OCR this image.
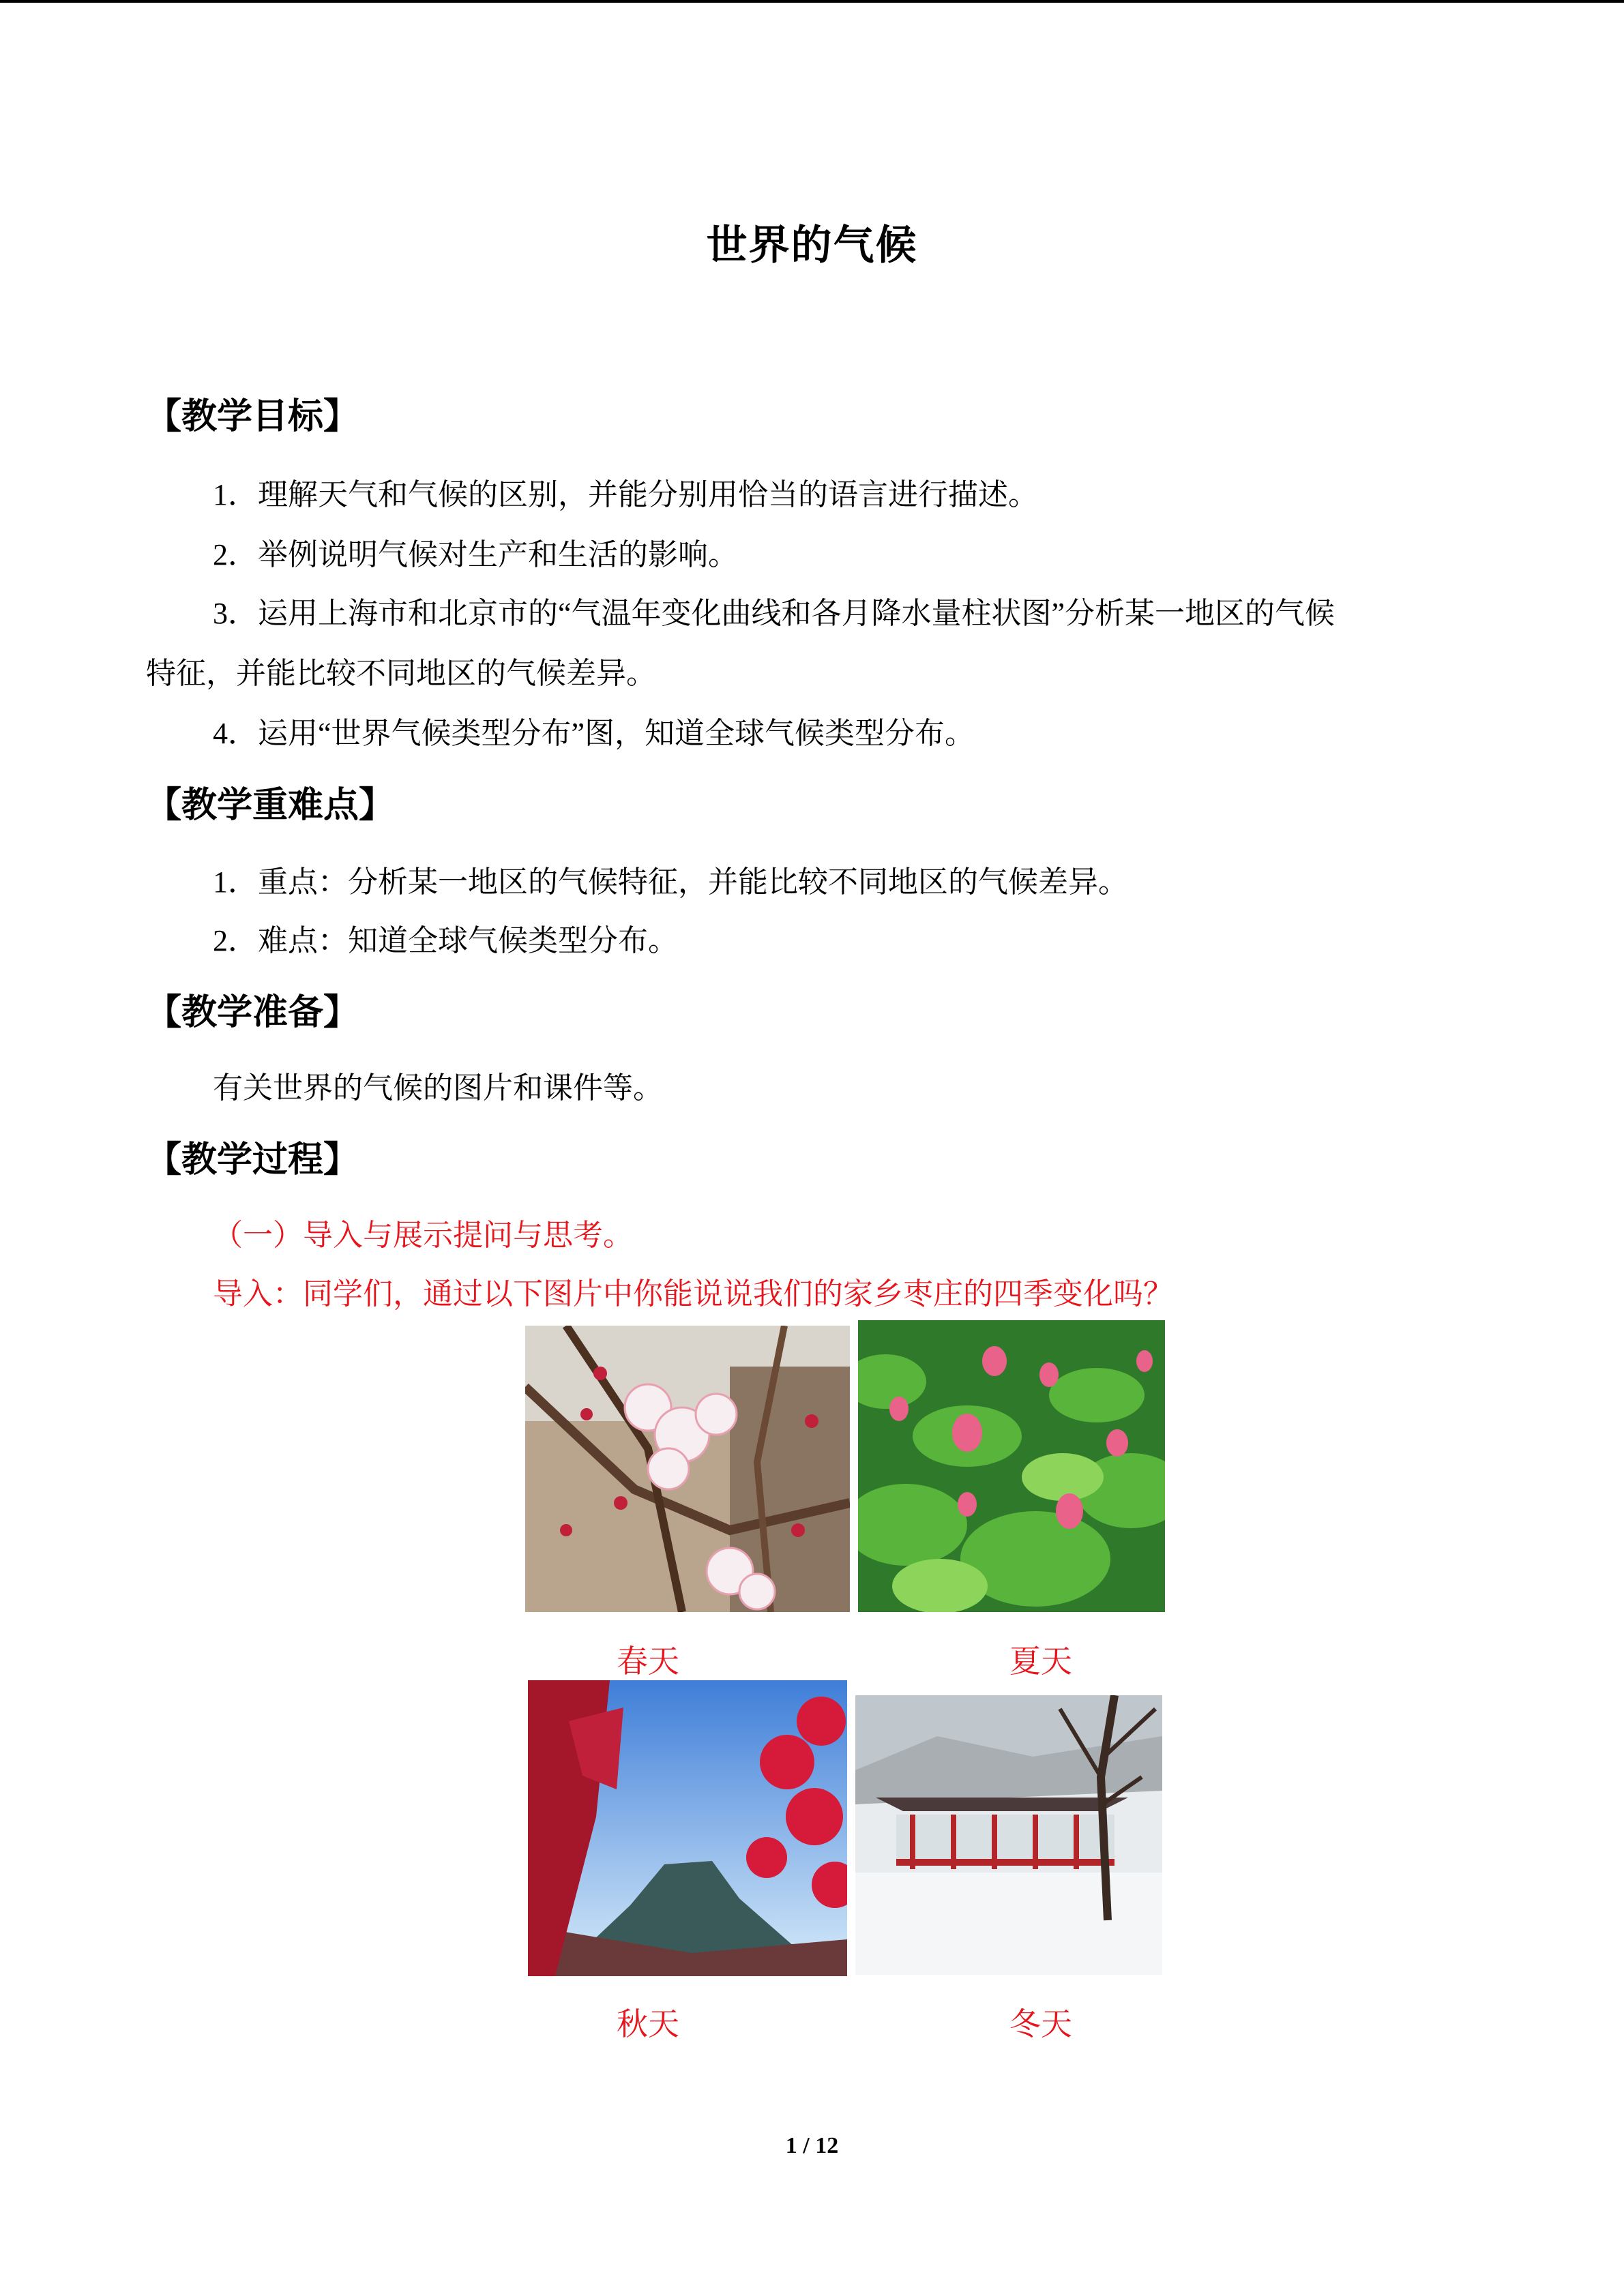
世界的气候
【教学目标】
1．理解天气和气候的区别，并能分别用恰当的语言进行描述。
2．举例说明气候对生产和生活的影响。
3．运用上海市和北京市的“气温年变化曲线和各月降水量柱状图”分析某一地区的气候
特征，并能比较不同地区的气候差异。
4．运用“世界气候类型分布”图，知道全球气候类型分布。
【教学重难点】
1．重点：分析某一地区的气候特征，并能比较不同地区的气候差异。
2．难点：知道全球气候类型分布。
【教学准备】
有关世界的气候的图片和课件等。
【教学过程】
（一）导入与展示提问与思考。
导入：同学们，通过以下图片中你能说说我们的家乡枣庄的四季变化吗？
春天	夏天
秋天	冬天
1 / 12
